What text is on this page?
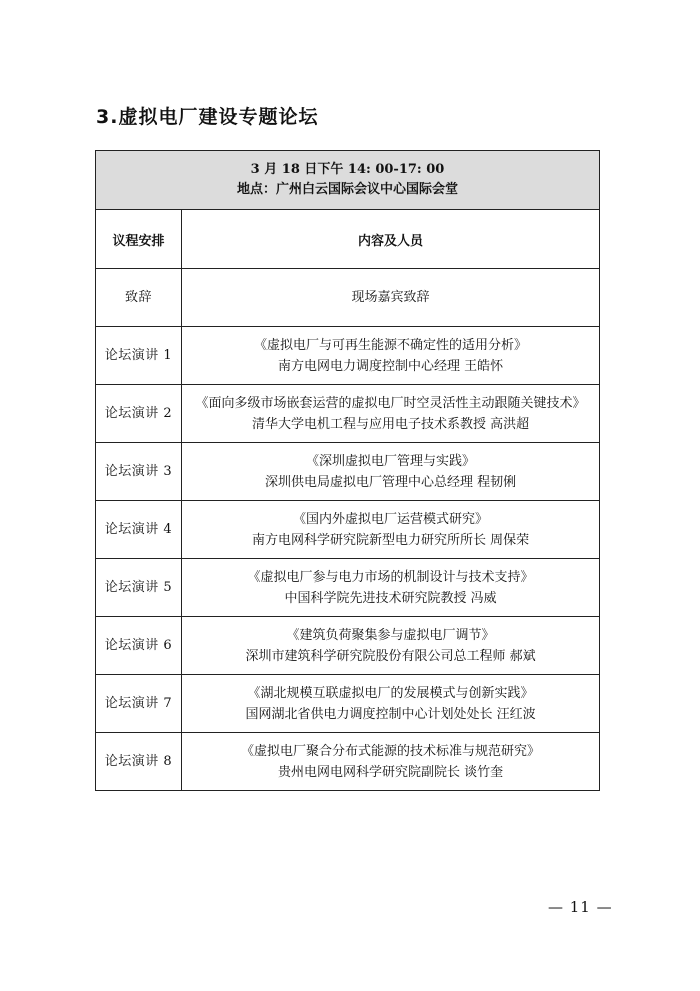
3.虚拟电厂建设专题论坛
3 月 18 日下午 14: 00-17: 00
地点：广州白云国际会议中心国际会堂	

议程安排	内容及人员
致辞	现场嘉宾致辞

论坛演讲 1	《虚拟电厂与可再生能源不确定性的适用分析》
南方电网电力调度控制中心经理 王皓怀

论坛演讲 2	《面向多级市场嵌套运营的虚拟电厂时空灵活性主动跟随关键技术》
清华大学电机工程与应用电子技术系教授 高洪超

论坛演讲 3	《深圳虚拟电厂管理与实践》
深圳供电局虚拟电厂管理中心总经理 程韧俐

论坛演讲 4	《国内外虚拟电厂运营模式研究》
南方电网科学研究院新型电力研究所所长 周保荣

论坛演讲 5	《虚拟电厂参与电力市场的机制设计与技术支持》
中国科学院先进技术研究院教授 冯威

论坛演讲 6	《建筑负荷聚集参与虚拟电厂调节》
深圳市建筑科学研究院股份有限公司总工程师 郝斌

论坛演讲 7	《湖北规模互联虚拟电厂的发展模式与创新实践》
国网湖北省供电力调度控制中心计划处处长 汪红波

论坛演讲 8	《虚拟电厂聚合分布式能源的技术标准与规范研究》
贵州电网电网科学研究院副院长 谈竹奎
— 11 —
